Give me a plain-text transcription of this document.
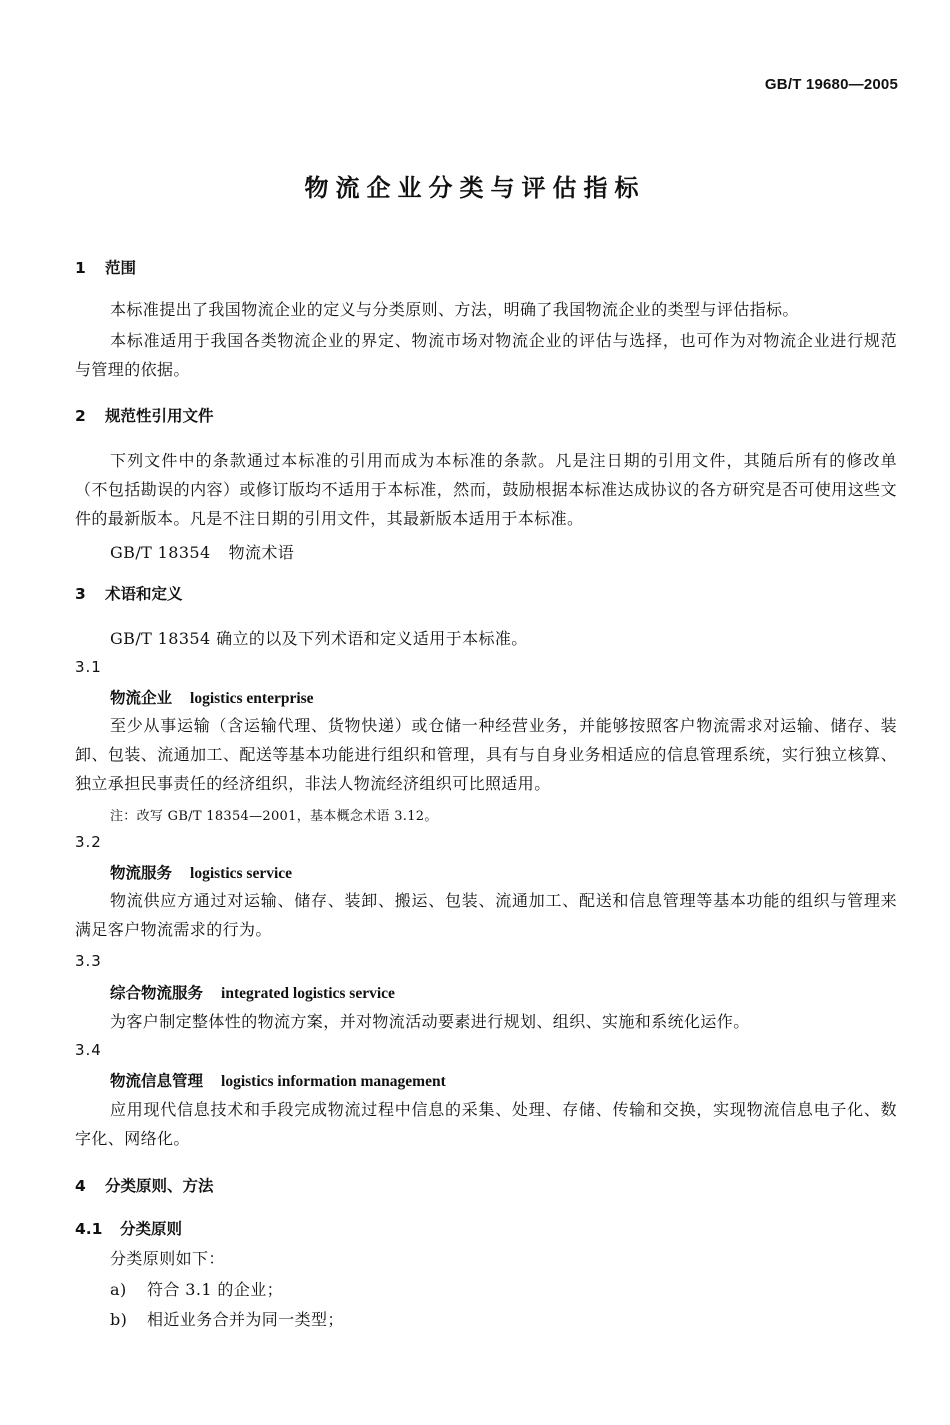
GB/T 19680—2005
物流企业分类与评估指标
1 范围
本标准提出了我国物流企业的定义与分类原则、方法，明确了我国物流企业的类型与评估指标。
本标准适用于我国各类物流企业的界定、物流市场对物流企业的评估与选择，也可作为对物流企业进行规范与管理的依据。
2 规范性引用文件
下列文件中的条款通过本标准的引用而成为本标准的条款。凡是注日期的引用文件，其随后所有的修改单（不包括勘误的内容）或修订版均不适用于本标准，然而，鼓励根据本标准达成协议的各方研究是否可使用这些文件的最新版本。凡是不注日期的引用文件，其最新版本适用于本标准。
GB/T 18354 物流术语
3 术语和定义
GB/T 18354 确立的以及下列术语和定义适用于本标准。
3.1
物流企业 logistics enterprise
至少从事运输（含运输代理、货物快递）或仓储一种经营业务，并能够按照客户物流需求对运输、储存、装卸、包装、流通加工、配送等基本功能进行组织和管理，具有与自身业务相适应的信息管理系统，实行独立核算、独立承担民事责任的经济组织，非法人物流经济组织可比照适用。
注：改写 GB/T 18354—2001，基本概念术语 3.12。
3.2
物流服务 logistics service
物流供应方通过对运输、储存、装卸、搬运、包装、流通加工、配送和信息管理等基本功能的组织与管理来满足客户物流需求的行为。
3.3
综合物流服务 integrated logistics service
为客户制定整体性的物流方案，并对物流活动要素进行规划、组织、实施和系统化运作。
3.4
物流信息管理 logistics information management
应用现代信息技术和手段完成物流过程中信息的采集、处理、存储、传输和交换，实现物流信息电子化、数字化、网络化。
4 分类原则、方法
4.1 分类原则
分类原则如下：
a) 符合 3.1 的企业；
b) 相近业务合并为同一类型；
